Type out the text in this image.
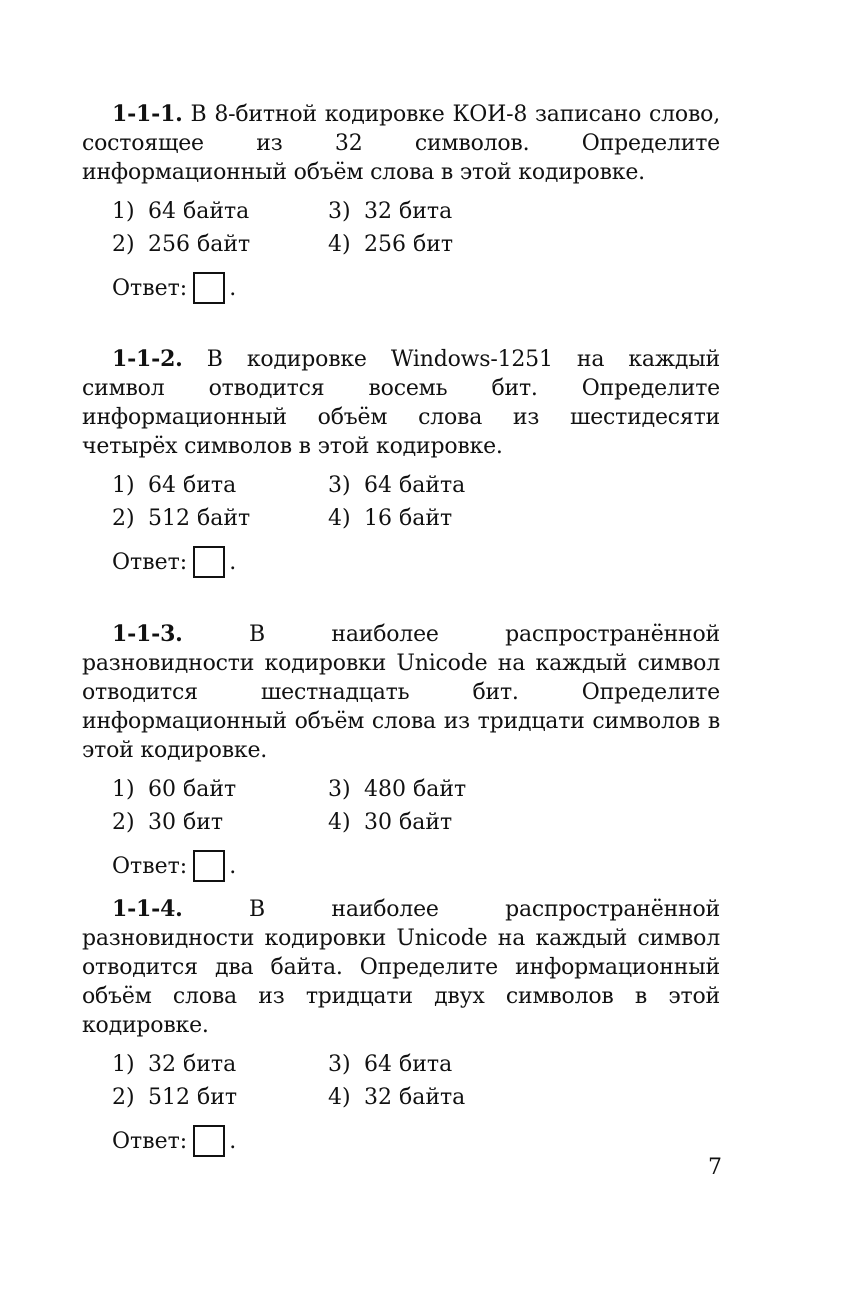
1-1-1. В 8-битной кодировке КОИ-8 записано слово, состоящее из 32 символов. Определите информационный объём слова в этой кодировке.

1) 64 байта	3) 32 бита
2) 256 байт	4) 256 бит
Ответ: .

1-1-2. В кодировке Windows-1251 на каждый символ отводится восемь бит. Определите информационный объём слова из шестидесяти четырёх символов в этой кодировке.

1) 64 бита	3) 64 байта
2) 512 байт	4) 16 байт
Ответ: .

1-1-3.	В наиболее распространённой разновидности кодировки Unicode на каждый символ отводится шестнадцать бит. Определите информационный объём слова из тридцати символов в этой кодировке.

1) 60 байт	3) 480 байт
2) 30 бит	4) 30 байт
Ответ: .

1-1-4.	В наиболее распространённой разновидности кодировки Unicode на каждый символ отводится два байта. Определите информационный объём слова из тридцати двух символов в этой кодировке.

1) 32 бита	3) 64 бита
2) 512 бит	4) 32 байта
Ответ: .
7
